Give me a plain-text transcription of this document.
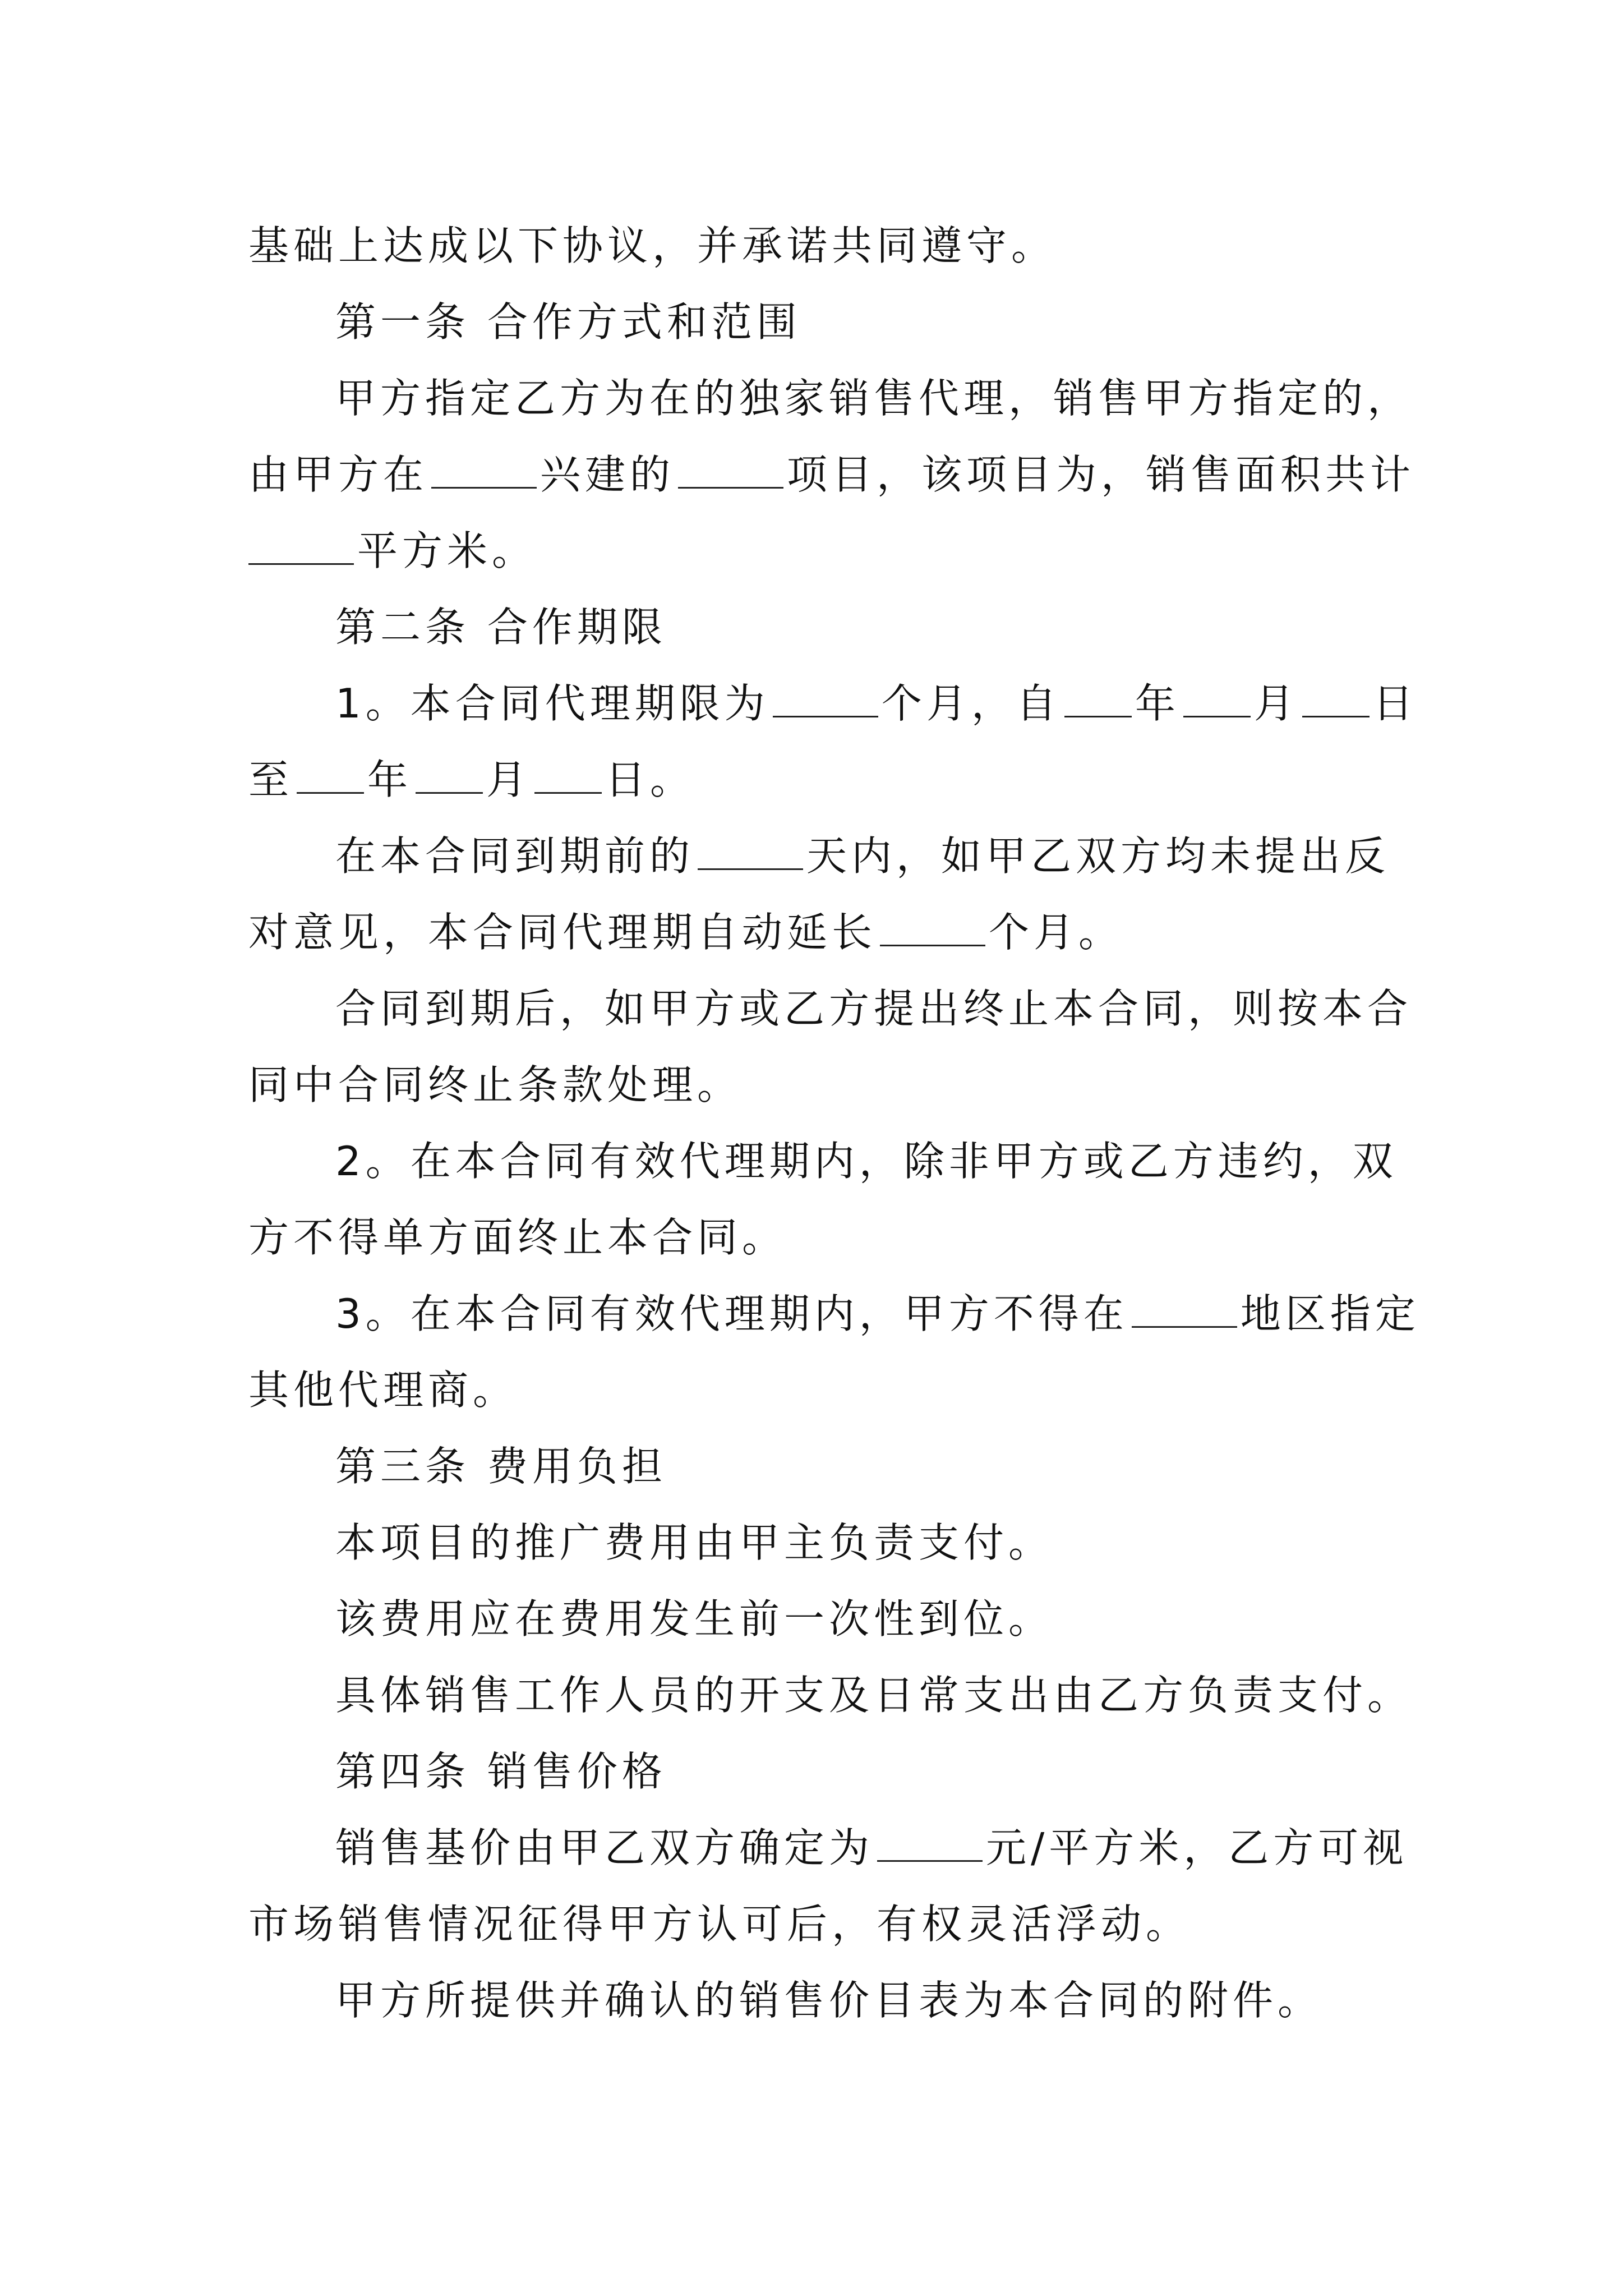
基础上达成以下协议，并承诺共同遵守。
第一条 合作方式和范围
甲方指定乙方为在的独家销售代理，销售甲方指定的，
由甲方在	兴建的	项目，该项目为，销售面积共计
平方米。
第二条 合作期限
1。本合同代理期限为	个月，自 年 月 日
至 年 月 日。
在本合同到期前的	天内，如甲乙双方均未提出反
对意见，本合同代理期自动延长	个月。
合同到期后，如甲方或乙方提出终止本合同，则按本合
同中合同终止条款处理。
2。在本合同有效代理期内，除非甲方或乙方违约，双
方不得单方面终止本合同。
3。在本合同有效代理期内，甲方不得在	地区指定
其他代理商。
第三条 费用负担
本项目的推广费用由甲主负责支付。
该费用应在费用发生前一次性到位。
具体销售工作人员的开支及日常支出由乙方负责支付。
第四条 销售价格
销售基价由甲乙双方确定为	元/平方米，乙方可视
市场销售情况征得甲方认可后，有权灵活浮动。
甲方所提供并确认的销售价目表为本合同的附件。
